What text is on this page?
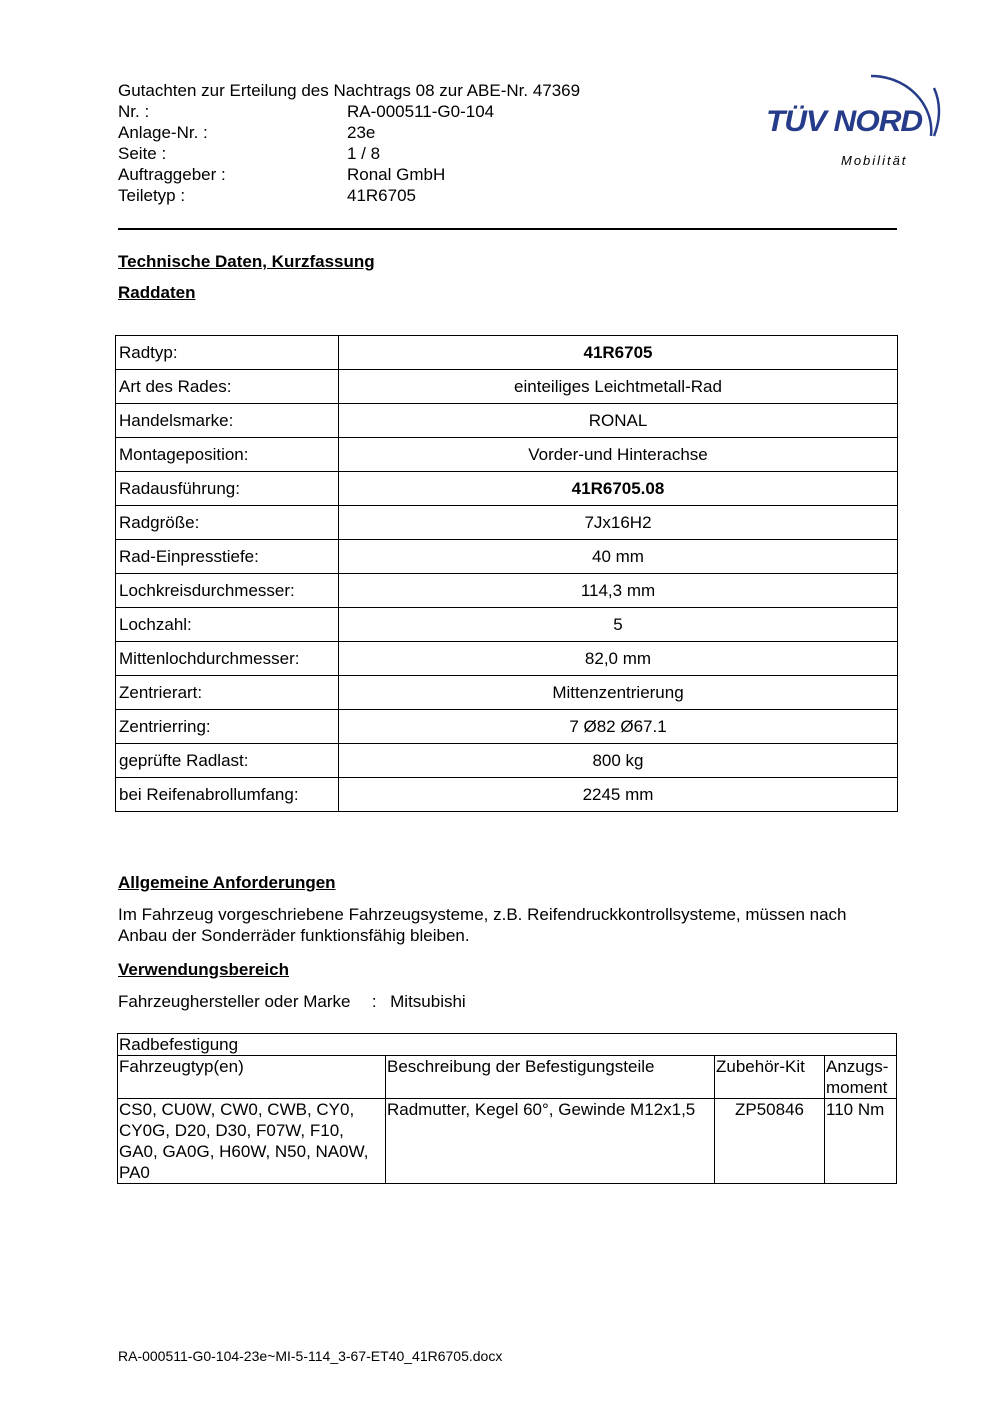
Gutachten zur Erteilung des Nachtrags 08 zur ABE-Nr. 47369
Nr. :	RA-000511-G0-104
Anlage-Nr. :	23e
Seite :	1 / 8
Auftraggeber :	Ronal GmbH
Teiletyp :	41R6705
TÜV NORD
Mobilität
Technische Daten, Kurzfassung
Raddaten
Radtyp:	41R6705
Art des Rades:	einteiliges Leichtmetall-Rad
Handelsmarke:	RONAL
Montageposition:	Vorder-und Hinterachse
Radausführung:	41R6705.08
Radgröße:	7Jx16H2
Rad-Einpresstiefe:	40 mm
Lochkreisdurchmesser:	114,3 mm
Lochzahl:	5
Mittenlochdurchmesser:	82,0 mm
Zentrierart:	Mittenzentrierung
Zentrierring:	7 Ø82 Ø67.1
geprüfte Radlast:	800 kg
bei Reifenabrollumfang:	2245 mm
Allgemeine Anforderungen
Im Fahrzeug vorgeschriebene Fahrzeugsysteme, z.B. Reifendruckkontrollsysteme, müssen nach Anbau der Sonderräder funktionsfähig bleiben.
Verwendungsbereich
Fahrzeughersteller oder Marke : Mitsubishi
Radbefestigung			
Fahrzeugtyp(en)	Beschreibung der Befestigungsteile	Zubehör-Kit	Anzugs-moment
CS0, CU0W, CW0, CWB, CY0, CY0G, D20, D30, F07W, F10, GA0, GA0G, H60W, N50, NA0W, PA0	Radmutter, Kegel 60°, Gewinde M12x1,5	ZP50846	110 Nm
RA-000511-G0-104-23e~MI-5-114_3-67-ET40_41R6705.docx
